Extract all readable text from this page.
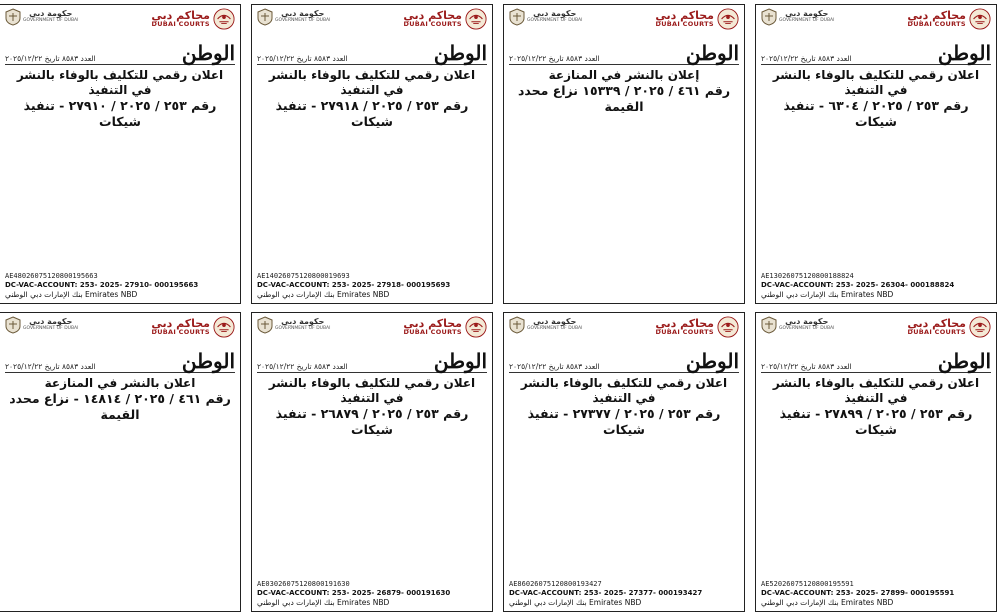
محاكم دبي
DUBAI COURTS
حكومة دبي
GOVERNMENT OF DUBAI
الوطن
العدد ٨٥٨٣ تاريخ ٢٠٢٥/١٢/٢٢
اعلان رقمي للتكليف بالوفاء بالنشر في التنفيذ
رقم ٢٥٣ / ٢٠٢٥ / ٦٣٠٤ - تنفيذ شيكات
AE13026075120800188824
DC-VAC-ACCOUNT: 253- 2025- 26304- 000188824
بنك الإمارات دبي الوطني Emirates NBD
محاكم دبي
DUBAI COURTS
حكومة دبي
GOVERNMENT OF DUBAI
الوطن
العدد ٨٥٨٣ تاريخ ٢٠٢٥/١٢/٢٢
إعلان بالنشر في المنازعة
رقم ٤٦١ / ٢٠٢٥ / ١٥٣٣٩ نزاع محدد القيمة
محاكم دبي
DUBAI COURTS
حكومة دبي
GOVERNMENT OF DUBAI
الوطن
العدد ٨٥٨٣ تاريخ ٢٠٢٥/١٢/٢٢
اعلان رقمي للتكليف بالوفاء بالنشر في التنفيذ
رقم ٢٥٣ / ٢٠٢٥ / ٢٧٩١٨ - تنفيذ شيكات
AE14026075120800019693
DC-VAC-ACCOUNT: 253- 2025- 27918- 000195693
بنك الإمارات دبي الوطني Emirates NBD
محاكم دبي
DUBAI COURTS
حكومة دبي
GOVERNMENT OF DUBAI
الوطن
العدد ٨٥٨٣ تاريخ ٢٠٢٥/١٢/٢٢
اعلان رقمي للتكليف بالوفاء بالنشر في التنفيذ
رقم ٢٥٣ / ٢٠٢٥ / ٢٧٩١٠ - تنفيذ شيكات
AE48026075120800195663
DC-VAC-ACCOUNT: 253- 2025- 27910- 000195663
بنك الإمارات دبي الوطني Emirates NBD
محاكم دبي
DUBAI COURTS
حكومة دبي
GOVERNMENT OF DUBAI
الوطن
العدد ٨٥٨٣ تاريخ ٢٠٢٥/١٢/٢٢
اعلان رقمي للتكليف بالوفاء بالنشر في التنفيذ
رقم ٢٥٣ / ٢٠٢٥ / ٢٧٨٩٩ - تنفيذ شيكات
AE52026075120800195591
DC-VAC-ACCOUNT: 253- 2025- 27899- 000195591
بنك الإمارات دبي الوطني Emirates NBD
محاكم دبي
DUBAI COURTS
حكومة دبي
GOVERNMENT OF DUBAI
الوطن
العدد ٨٥٨٣ تاريخ ٢٠٢٥/١٢/٢٢
اعلان رقمي للتكليف بالوفاء بالنشر في التنفيذ
رقم ٢٥٣ / ٢٠٢٥ / ٢٧٣٧٧ - تنفيذ شيكات
AE86026075120800193427
DC-VAC-ACCOUNT: 253- 2025- 27377- 000193427
بنك الإمارات دبي الوطني Emirates NBD
محاكم دبي
DUBAI COURTS
حكومة دبي
GOVERNMENT OF DUBAI
الوطن
العدد ٨٥٨٣ تاريخ ٢٠٢٥/١٢/٢٢
اعلان رقمي للتكليف بالوفاء بالنشر في التنفيذ
رقم ٢٥٣ / ٢٠٢٥ / ٢٦٨٧٩ - تنفيذ شيكات
AE03026075120800191630
DC-VAC-ACCOUNT: 253- 2025- 26879- 000191630
بنك الإمارات دبي الوطني Emirates NBD
محاكم دبي
DUBAI COURTS
حكومة دبي
GOVERNMENT OF DUBAI
الوطن
العدد ٨٥٨٣ تاريخ ٢٠٢٥/١٢/٢٢
اعلان بالنشر في المنازعة
رقم ٤٦١ / ٢٠٢٥ / ١٤٨١٤ - نزاع محدد القيمة
